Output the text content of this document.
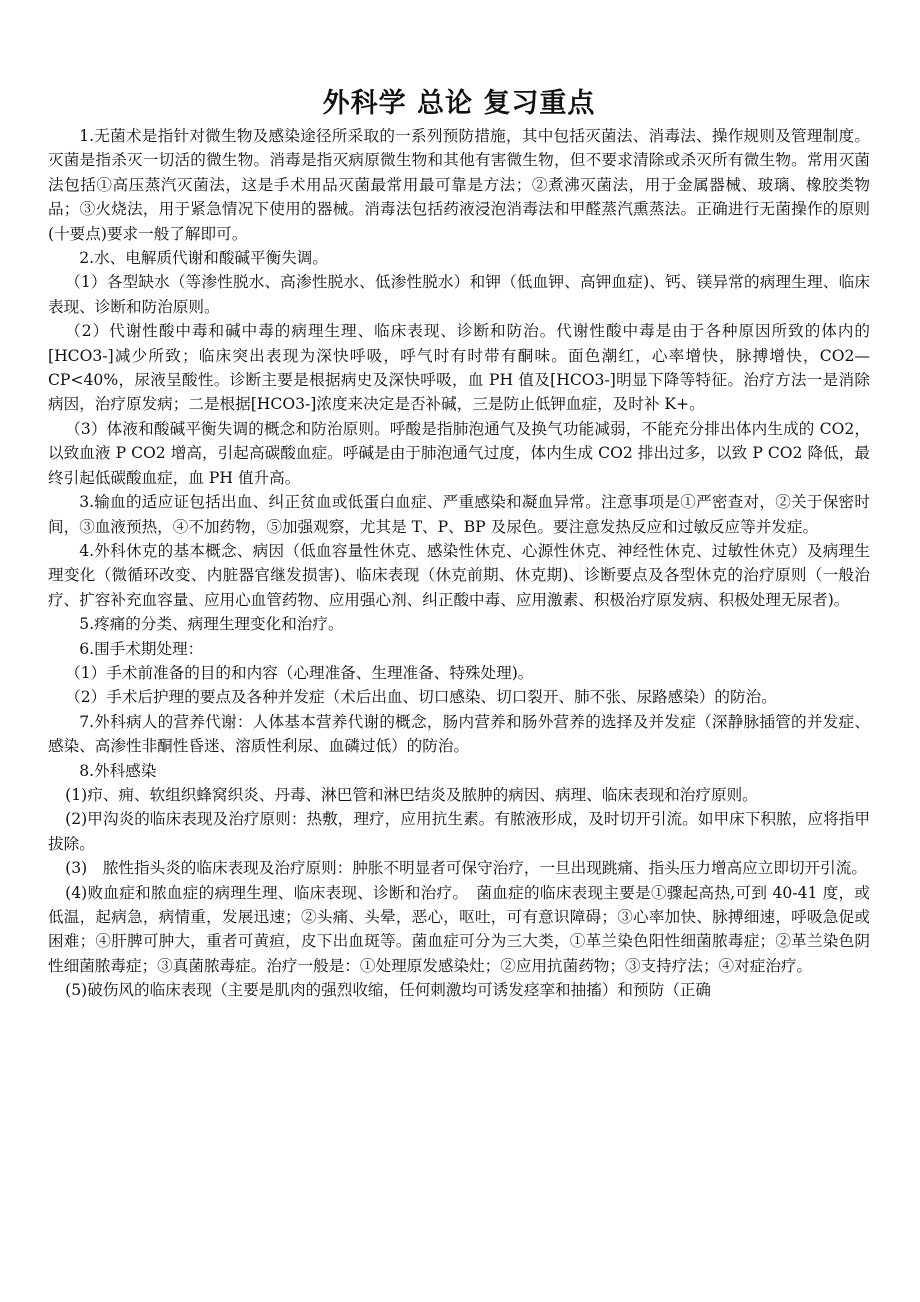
外科学 总论 复习重点

1.无菌术是指针对微生物及感染途径所采取的一系列预防措施，其中包括灭菌法、消毒法、操作规则及管理制度。灭菌是指杀灭一切活的微生物。消毒是指灭病原微生物和其他有害微生物，但不要求清除或杀灭所有微生物。常用灭菌法包括①高压蒸汽灭菌法，这是手术用品灭菌最常用最可靠是方法；②煮沸灭菌法，用于金属器械、玻璃、橡胶类物品；③火烧法，用于紧急情况下使用的器械。消毒法包括药液浸泡消毒法和甲醛蒸汽熏蒸法。正确进行无菌操作的原则(十要点)要求一般了解即可。

2.水、电解质代谢和酸碱平衡失调。

（1）各型缺水（等渗性脱水、高渗性脱水、低渗性脱水）和钾（低血钾、高钾血症)、钙、镁异常的病理生理、临床表现、诊断和防治原则。

（2）代谢性酸中毒和碱中毒的病理生理、临床表现、诊断和防治。代谢性酸中毒是由于各种原因所致的体内的[HCO3-]减少所致；临床突出表现为深快呼吸，呼气时有时带有酮味。面色潮红，心率增快，脉搏增快，CO2—CP<40%，尿液呈酸性。诊断主要是根据病史及深快呼吸，血 PH 值及[HCO3-]明显下降等特征。治疗方法一是消除病因，治疗原发病；二是根据[HCO3-]浓度来决定是否补碱，三是防止低钾血症，及时补 K+。

（3）体液和酸碱平衡失调的概念和防治原则。呼酸是指肺泡通气及换气功能减弱，不能充分排出体内生成的 CO2，以致血液 P CO2 增高，引起高碳酸血症。呼碱是由于肺泡通气过度，体内生成 CO2 排出过多，以致 P CO2 降低，最终引起低碳酸血症，血 PH 值升高。

3.输血的适应证包括出血、纠正贫血或低蛋白血症、严重感染和凝血异常。注意事项是①严密查对，②关于保密时间，③血液预热，④不加药物，⑤加强观察，尤其是 T、P、BP 及尿色。要注意发热反应和过敏反应等并发症。

4.外科休克的基本概念、病因（低血容量性休克、感染性休克、心源性休克、神经性休克、过敏性休克）及病理生理变化（微循环改变、内脏器官继发损害)、临床表现（休克前期、休克期)、诊断要点及各型休克的治疗原则（一般治疗、扩容补充血容量、应用心血管药物、应用强心剂、纠正酸中毒、应用激素、积极治疗原发病、积极处理无尿者)。

5.疼痛的分类、病理生理变化和治疗。

6.围手术期处理：

（1）手术前准备的目的和内容（心理准备、生理准备、特殊处理)。

（2）手术后护理的要点及各种并发症（术后出血、切口感染、切口裂开、肺不张、尿路感染）的防治。

7.外科病人的营养代谢：人体基本营养代谢的概念，肠内营养和肠外营养的选择及并发症（深静脉插管的并发症、感染、高渗性非酮性昏迷、溶质性利尿、血磷过低）的防治。

8.外科感染

(1)疖、痈、软组织蜂窝织炎、丹毒、淋巴管和淋巴结炎及脓肿的病因、病理、临床表现和治疗原则。

(2)甲沟炎的临床表现及治疗原则：热敷，理疗，应用抗生素。有脓液形成，及时切开引流。如甲床下积脓，应将指甲拔除。

(3)　脓性指头炎的临床表现及治疗原则：肿胀不明显者可保守治疗，一旦出现跳痛、指头压力增高应立即切开引流。

(4)败血症和脓血症的病理生理、临床表现、诊断和治疗。　菌血症的临床表现主要是①骤起高热,可到 40-41 度，或低温，起病急，病情重，发展迅速；②头痛、头晕，恶心，呕吐，可有意识障碍；③心率加快、脉搏细速，呼吸急促或困难；④肝脾可肿大，重者可黄疸，皮下出血斑等。菌血症可分为三大类，①革兰染色阳性细菌脓毒症；②革兰染色阴性细菌脓毒症；③真菌脓毒症。治疗一般是：①处理原发感染灶；②应用抗菌药物；③支持疗法；④对症治疗。

(5)破伤风的临床表现（主要是肌肉的强烈收缩，任何刺激均可诱发痉挛和抽搐）和预防（正确
